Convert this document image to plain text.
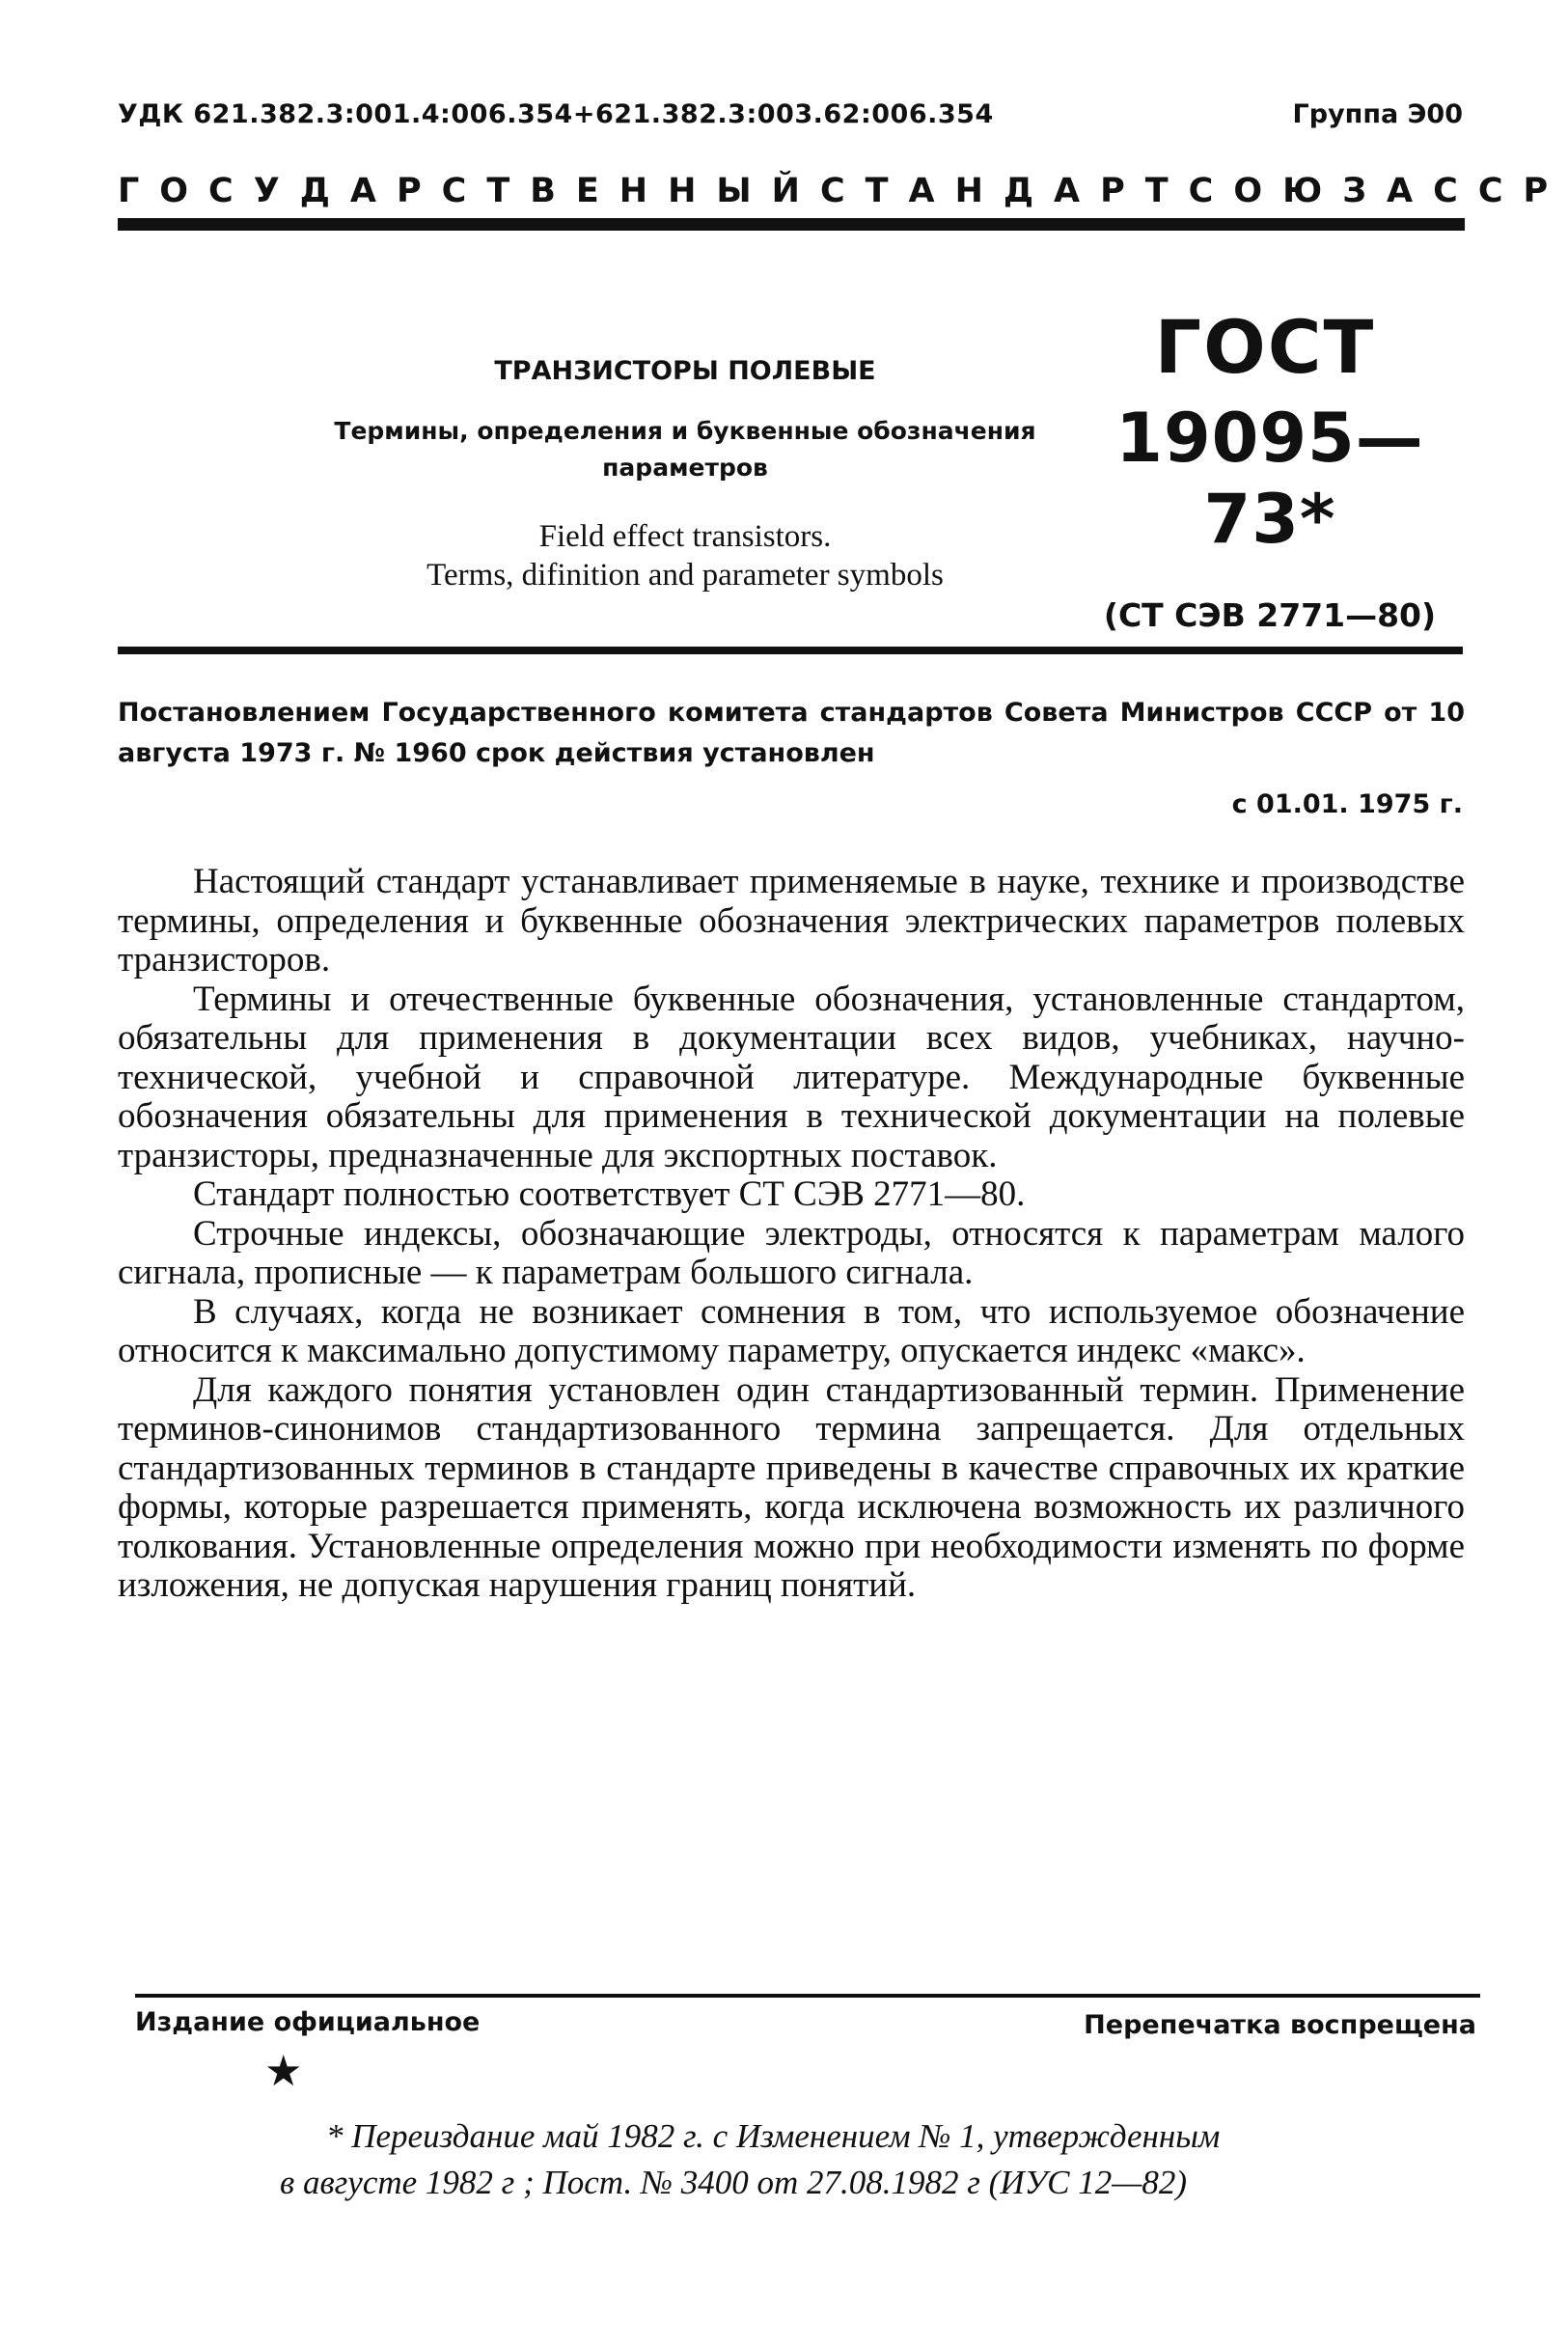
УДК 621.382.3:001.4:006.354+621.382.3:003.62:006.354	Группа Э00
ГОСУДАРСТВЕННЫЙ СТАНДАРТ СОЮЗА ССР
ТРАНЗИСТОРЫ ПОЛЕВЫЕ
Термины, определения и буквенные обозначения параметров
Field effect transistors.
Terms, difinition and parameter symbols
ГОСТ
19095—73*
(СТ СЭВ 2771—80)
Постановлением Государственного комитета стандартов Совета Министров СССР от 10 августа 1973 г. № 1960 срок действия установлен
с 01.01. 1975 г.

Настоящий стандарт устанавливает применяемые в науке, технике и производстве термины, определения и буквенные обозначения электрических параметров полевых транзисторов.

Термины и отечественные буквенные обозначения, установленные стандартом, обязательны для применения в документации всех видов, учебниках, научно-технической, учебной и справочной литературе. Международные буквенные обозначения обязательны для применения в технической документации на полевые транзисторы, предназначенные для экспортных поставок.

Стандарт полностью соответствует СТ СЭВ 2771—80.

Строчные индексы, обозначающие электроды, относятся к параметрам малого сигнала, прописные — к параметрам большого сигнала.

В случаях, когда не возникает сомнения в том, что используемое обозначение относится к максимально допустимому параметру, опускается индекс «макс».

Для каждого понятия установлен один стандартизованный термин. Применение терминов-синонимов стандартизованного термина запрещается. Для отдельных стандартизованных терминов в стандарте приведены в качестве справочных их краткие формы, которые разрешается применять, когда исключена возможность их различного толкования. Установленные определения можно при необходимости изменять по форме изложения, не допуская нарушения границ понятий.

Издание официальное	Перепечатка воспрещена
★
* Переиздание май 1982 г. с Изменением № 1, утвержденным
в августе 1982 г ; Пост. № 3400 от 27.08.1982 г (ИУС 12—82)
